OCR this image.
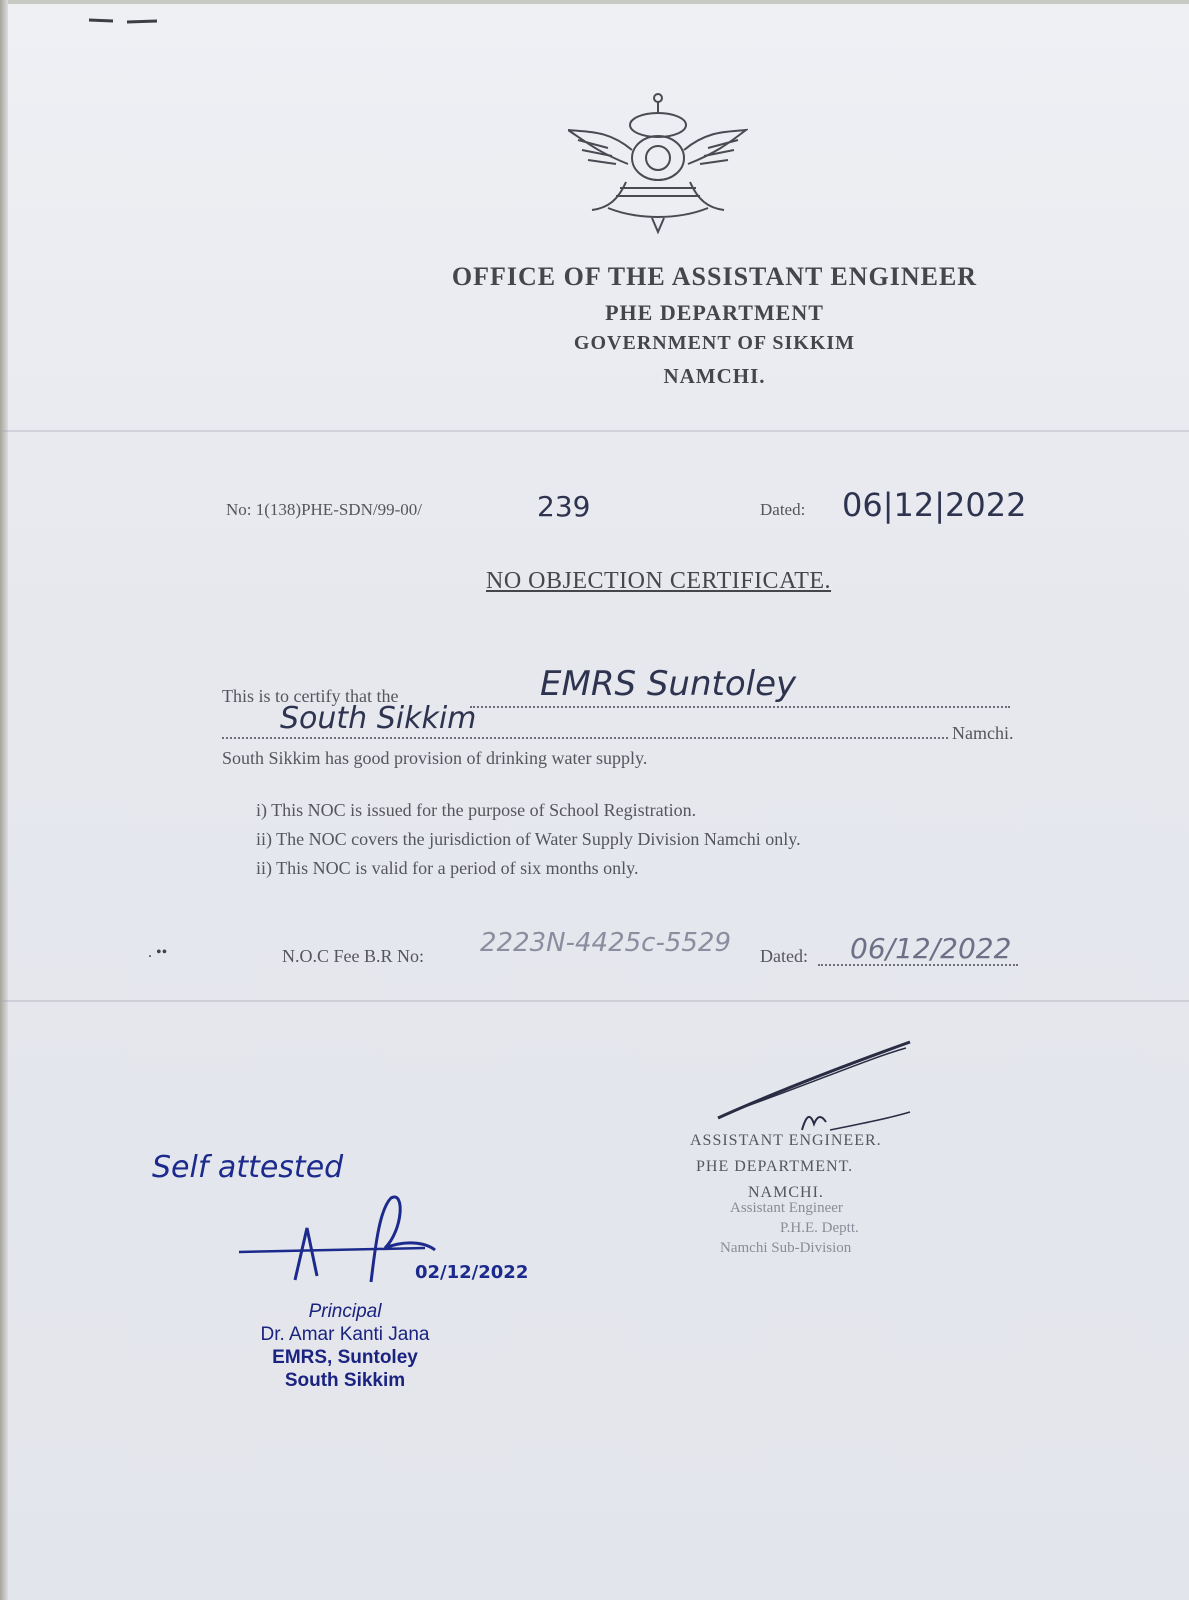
OFFICE OF THE ASSISTANT ENGINEER
PHE DEPARTMENT
GOVERNMENT OF SIKKIM
NAMCHI.
No: 1(138)PHE-SDN/99-00/	239	Dated: 06|12|2022
NO OBJECTION CERTIFICATE.
This is to certify that the	EMRS Suntoley
South Sikkim	Namchi.
South Sikkim has good provision of drinking water supply.
i) This NOC is issued for the purpose of School Registration.
ii) The NOC covers the jurisdiction of Water Supply Division Namchi only.
ii) This NOC is valid for a period of six months only.
. ••	N.O.C Fee B.R No: 2223N-4425c-5529 Dated: 06/12/2022
ASSISTANT ENGINEER.
PHE DEPARTMENT.
NAMCHI.
Assistant Engineer
P.H.E. Deptt.
Namchi Sub-Division
Self attested
02/12/2022
Principal
Dr. Amar Kanti Jana
EMRS, Suntoley
South Sikkim
